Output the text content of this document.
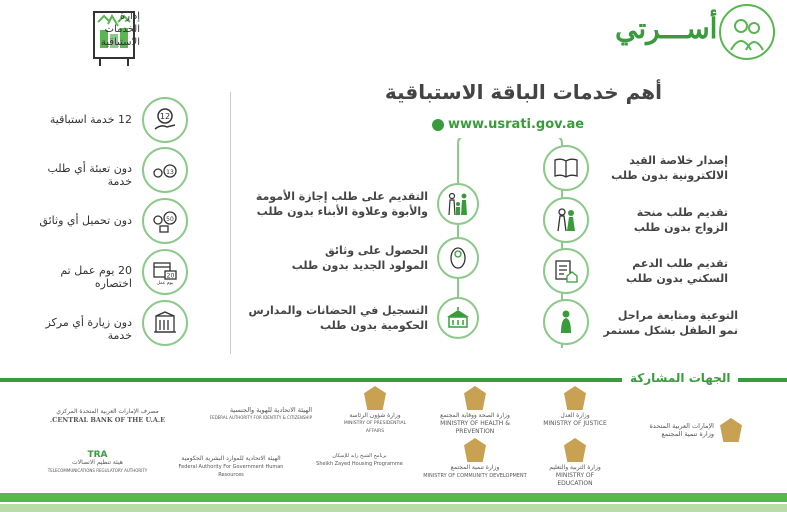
أســـرتي
إدارة
الخدمات
الاستباقية
أهم خدمات الباقة الاستباقية
www.usrati.gov.ae
12
12 خدمة استباقية
13
دون تعبئة أي طلب خدمة
50
دون تحميل أي وثائق
20
يوم عمل
20 يوم عمل تم اختصاره
دون زيارة أي مركز خدمة
إصدار خلاصة القيد
الالكترونية بدون طلب
تقديم طلب منحة
الزواج بدون طلب
تقديم طلب الدعم
السكني بدون طلب
التوعية ومتابعة مراحل
نمو الطفل بشكل مستمر
التقديم على طلب إجازة الأمومة
والأبوة وعلاوة الأبناء بدون طلب
الحصول على وثائق
المولود الجديد بدون طلب
التسجيل في الحضانات والمدارس
الحكومية بدون طلب
الجهات المشاركة
الإمارات العربية المتحدة
وزارة تنمية المجتمع
وزارة العدل
MINISTRY OF JUSTICE
وزارة الصحة ووقاية المجتمع
MINISTRY OF HEALTH & PREVENTION
وزارة شؤون الرئاسة
MINISTRY OF PRESIDENTIAL AFFAIRS
الهيئة الاتحادية للهوية والجنسية
FEDERAL AUTHORITY FOR IDENTITY & CITIZENSHIP
مصرف الإمارات العربية المتحدة المركزي
CENTRAL BANK OF THE U.A.E.
وزارة التربية والتعليم
MINISTRY OF EDUCATION
وزارة تنمية المجتمع
MINISTRY OF COMMUNITY DEVELOPMENT
برنامج الشيخ زايد للإسكان
Sheikh Zayed Housing Programme
الهيئة الاتحادية للموارد البشرية الحكومية
Federal Authority For Government Human Resources
TRA
هيئة تنظيم الاتصالات
TELECOMMUNICATIONS REGULATORY AUTHORITY
